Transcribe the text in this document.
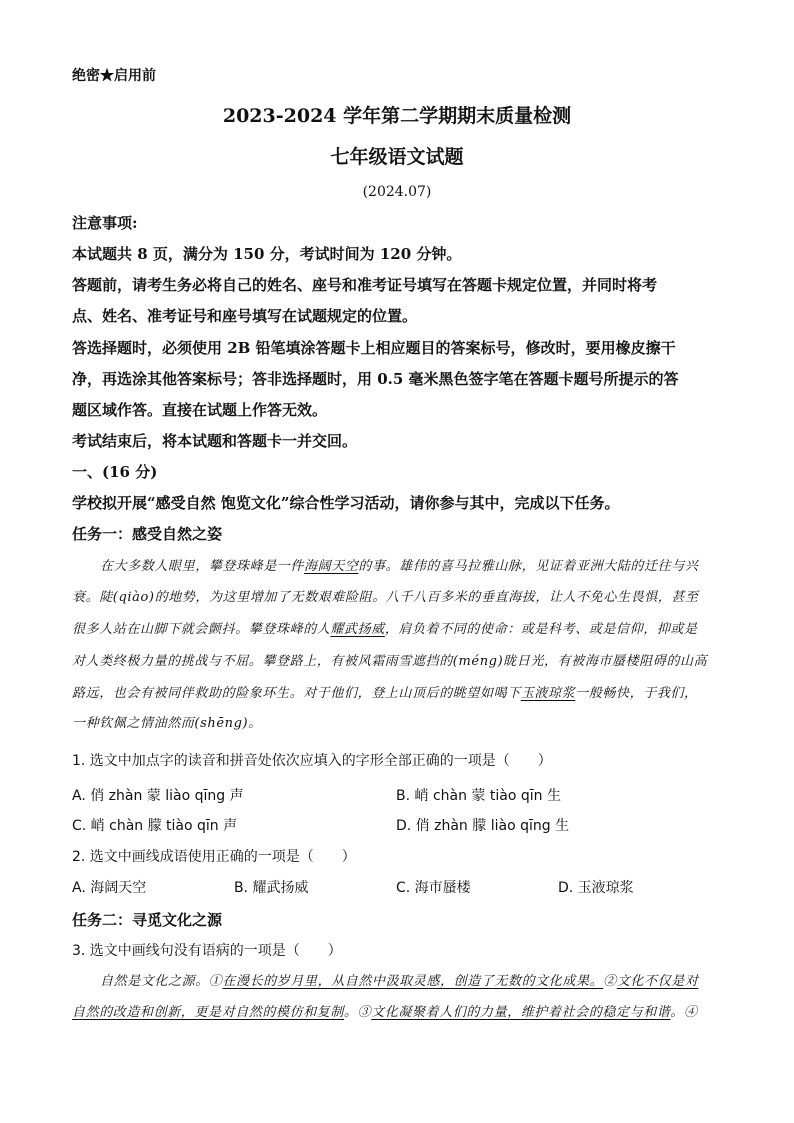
绝密★启用前
2023-2024 学年第二学期期末质量检测
七年级语文试题
(2024.07)
注意事项:
本试题共 8 页，满分为 150 分，考试时间为 120 分钟。
答题前，请考生务必将自己的姓名、座号和准考证号填写在答题卡规定位置，并同时将考
点、姓名、准考证号和座号填写在试题规定的位置。
答选择题时，必须使用 2B 铅笔填涂答题卡上相应题目的答案标号，修改时，要用橡皮擦干
净，再选涂其他答案标号；答非选择题时，用 0.5 毫米黑色签字笔在答题卡题号所提示的答
题区域作答。直接在试题上作答无效。
考试结束后，将本试题和答题卡一并交回。
一、(16 分)
学校拟开展“感受自然 饱览文化”综合性学习活动，请你参与其中，完成以下任务。
任务一：感受自然之姿
在大多数人眼里，攀登珠峰是一件海阔天空的事。雄伟的喜马拉雅山脉，见证着亚洲大陆的迁往与兴
衰。陡(qiào)的地势，为这里增加了无数艰难险阻。八千八百多米的垂直海拔，让人不免心生畏惧，甚至
很多人站在山脚下就会颤抖。攀登珠峰的人耀武扬威，肩负着不同的使命：或是科考、或是信仰，抑或是
对人类终极力量的挑战与不屈。攀登路上，有被风霜雨雪遮挡的(méng)眬日光，有被海市蜃楼阻碍的山高
路远，也会有被同伴救助的险象环生。对于他们，登上山顶后的眺望如喝下玉液琼浆一般畅快，于我们，
一种钦佩之情油然而(shēng)。
1. 选文中加点字的读音和拼音处依次应填入的字形全部正确的一项是（　　）
A. 俏 zhàn 蒙 liào qīng 声	B. 峭 chàn 蒙 tiào qīn 生
C. 峭 chàn 朦 tiào qīn 声	D. 俏 zhàn 朦 liào qīng 生
2. 选文中画线成语使用正确的一项是（　　）
A. 海阔天空	B. 耀武扬威	C. 海市蜃楼	D. 玉液琼浆
任务二：寻觅文化之源
3. 选文中画线句没有语病的一项是（　　）
自然是文化之源。①在漫长的岁月里，从自然中汲取灵感，创造了无数的文化成果。②文化不仅是对
自然的改造和创新，更是对自然的模仿和复制。③文化凝聚着人们的力量，维护着社会的稳定与和谐。④
